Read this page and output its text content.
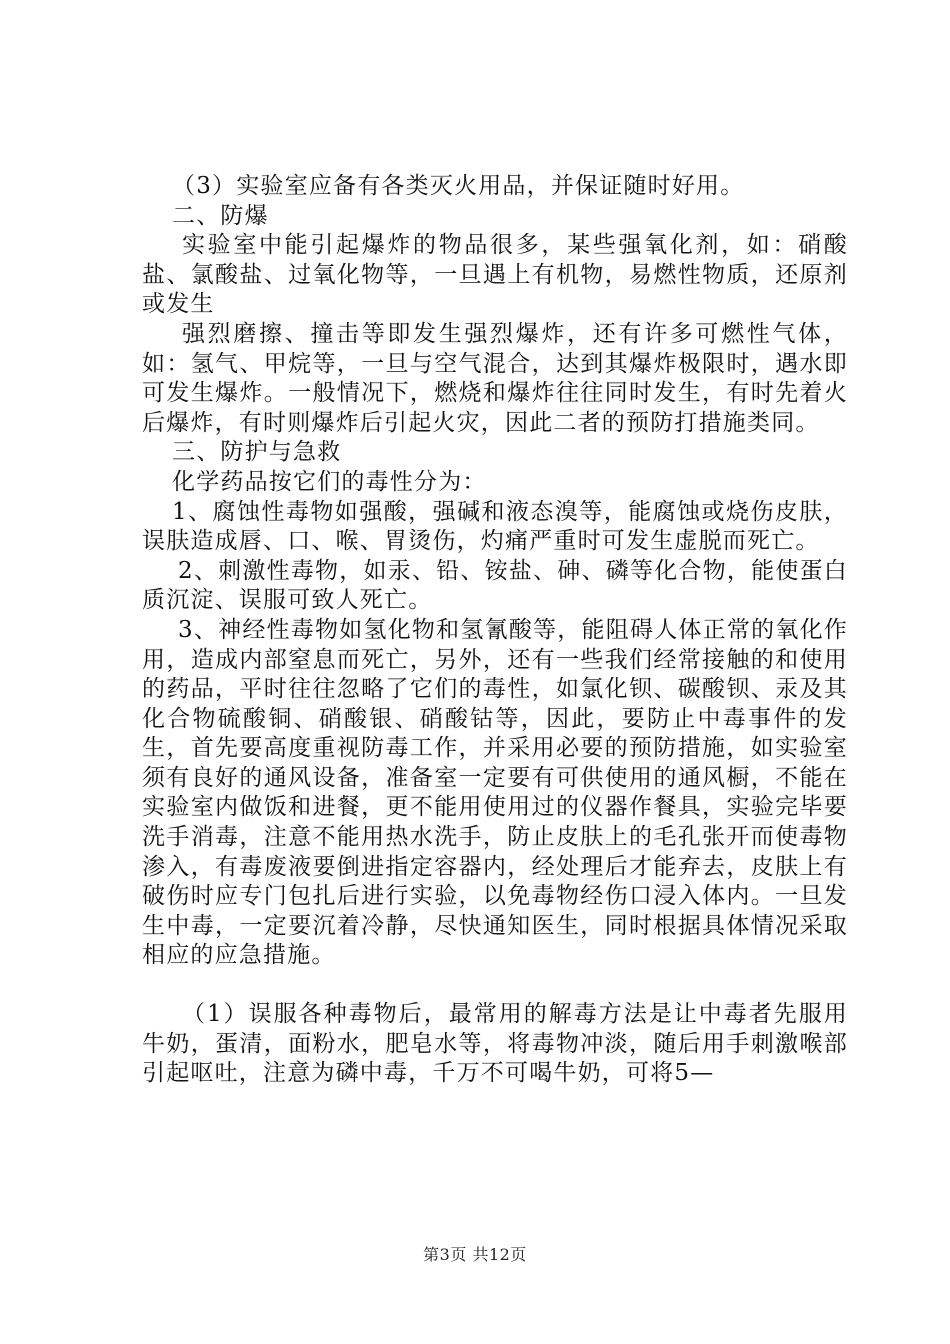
（3）实验室应备有各类灭火用品，并保证随时好用。

二、防爆

实验室中能引起爆炸的物品很多，某些强氧化剂，如：硝酸盐、氯酸盐、过氧化物等，一旦遇上有机物，易燃性物质，还原剂或发生

强烈磨擦、撞击等即发生强烈爆炸，还有许多可燃性气体，如：氢气、甲烷等，一旦与空气混合，达到其爆炸极限时，遇水即可发生爆炸。一般情况下，燃烧和爆炸往往同时发生，有时先着火后爆炸，有时则爆炸后引起火灾，因此二者的预防打措施类同。

三、防护与急救

化学药品按它们的毒性分为：

1、腐蚀性毒物如强酸，强碱和液态溴等，能腐蚀或烧伤皮肤，误肤造成唇、口、喉、胃烫伤，灼痛严重时可发生虚脱而死亡。

2、刺激性毒物，如汞、铅、铵盐、砷、磷等化合物，能使蛋白质沉淀、误服可致人死亡。

3、神经性毒物如氢化物和氢氰酸等，能阻碍人体正常的氧化作用，造成内部窒息而死亡，另外，还有一些我们经常接触的和使用的药品，平时往往忽略了它们的毒性，如氯化钡、碳酸钡、汞及其化合物硫酸铜、硝酸银、硝酸钴等，因此，要防止中毒事件的发生，首先要高度重视防毒工作，并采用必要的预防措施，如实验室须有良好的通风设备，准备室一定要有可供使用的通风橱，不能在实验室内做饭和进餐，更不能用使用过的仪器作餐具，实验完毕要洗手消毒，注意不能用热水洗手，防止皮肤上的毛孔张开而使毒物渗入，有毒废液要倒进指定容器内，经处理后才能弃去，皮肤上有破伤时应专门包扎后进行实验，以免毒物经伤口浸入体内。一旦发生中毒，一定要沉着冷静，尽快通知医生，同时根据具体情况采取相应的应急措施。

（1）误服各种毒物后，最常用的解毒方法是让中毒者先服用牛奶，蛋清，面粉水，肥皂水等，将毒物冲淡，随后用手刺激喉部引起呕吐，注意为磷中毒，千万不可喝牛奶，可将5—

第3页 共12页
